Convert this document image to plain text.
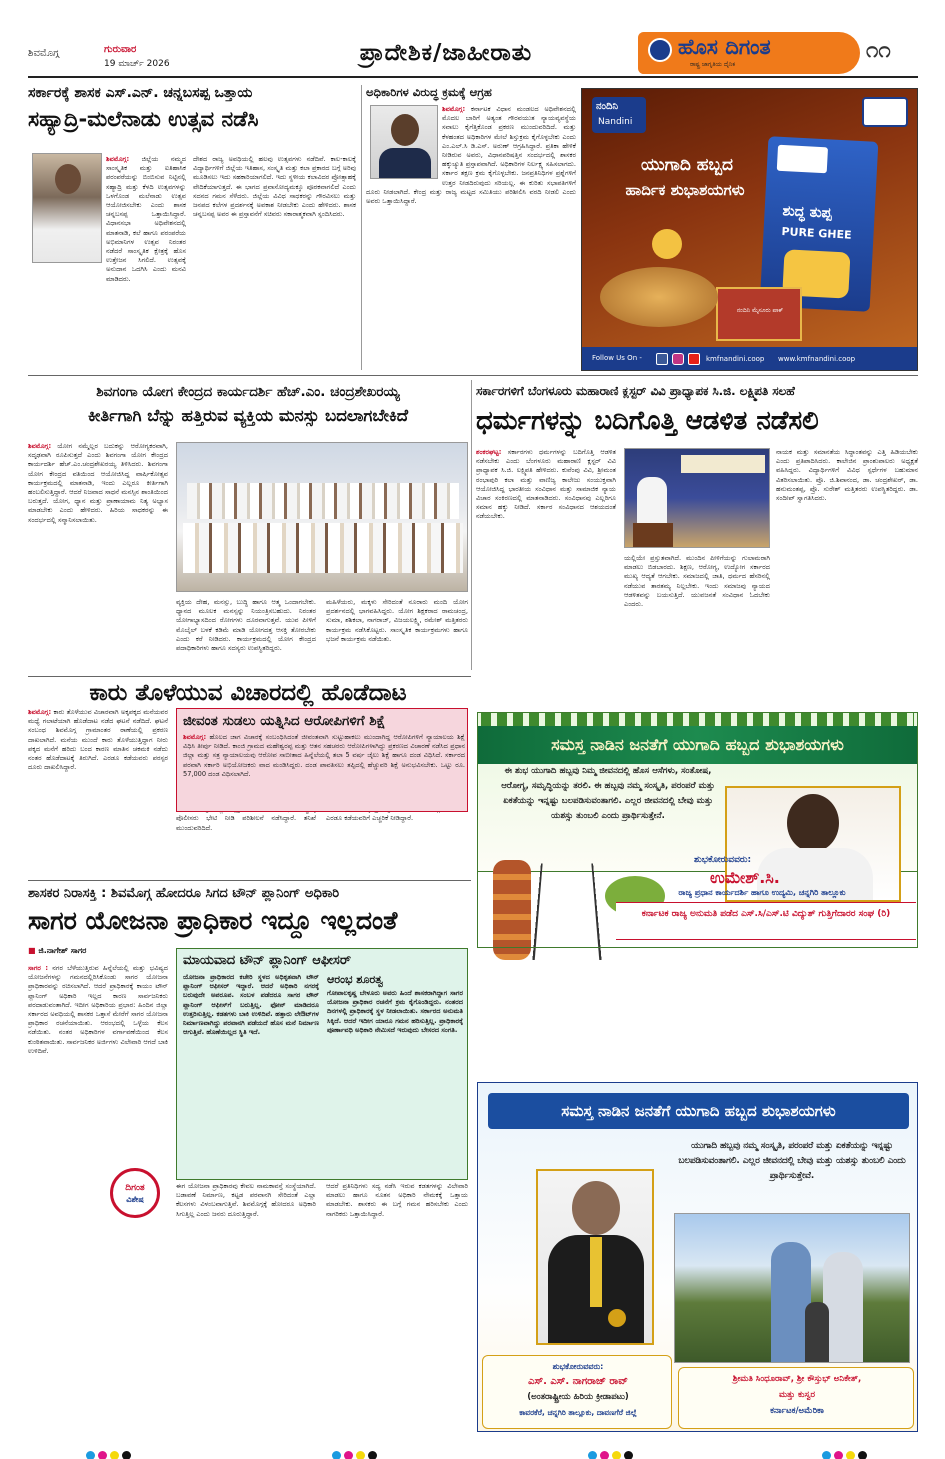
ಶಿವಮೊಗ್ಗ	ಗುರುವಾರ
19 ಮಾರ್ಚ್ 2026	ಪ್ರಾದೇಶಿಕ/ಜಾಹೀರಾತು	ಹೊಸ ದಿಗಂತ
ರಾಷ್ಟ್ರ ಜಾಗೃತಿಯ ದೈನಿಕ
೧೧
ಸರ್ಕಾರಕ್ಕೆ ಶಾಸಕ ಎಸ್.ಎನ್. ಚನ್ನಬಸಪ್ಪ ಒತ್ತಾಯ
ಸಹ್ಯಾದ್ರಿ-ಮಲೆನಾಡು ಉತ್ಸವ ನಡೆಸಿ
ಶಿವಮೊಗ್ಗ: ಜಿಲ್ಲೆಯ ನಮ್ಮದ ಸಾಂಸ್ಕೃತಿಕ ಮತ್ತು ಐತಿಹಾಸಿಕ ಪರಂಪರೆಯನ್ನು ಬಿಂಬಿಸುವ ನಿಟ್ಟಿನಲ್ಲಿ ಸಹ್ಯಾದ್ರಿ ಮತ್ತು ಕೆಳದಿ ಉತ್ಸವಗಳನ್ನು ಒಳಗೊಂಡ ಮಲೆನಾಡು ಉತ್ಸವ ಆಯೋಜಿಸಬೇಕು ಎಂದು ಶಾಸಕ ಚನ್ನಬಸಪ್ಪ ಒತ್ತಾಯಿಸಿದ್ದಾರೆ. ವಿಧಾನಸಭಾ ಅಧಿವೇಶನದಲ್ಲಿ ಮಾತನಾಡಿ, ಕಲೆ ಹಾಗೂ ಪರಂಪರೆಯ ಅಭಿಮಾನಿಗಳ ಉತ್ಸವ ನಿರಂತರ ನಡೆದರೆ ಸಾಂಸ್ಕೃತಿಕ ಕ್ಷೇತ್ರಕ್ಕೆ ಹೊಸ ಉತ್ತೇಜನ ಸಿಗಲಿದೆ. ಉತ್ಸವಕ್ಕೆ ಅನುದಾನ ಒದಗಿಸಿ ಎಂದು ಮನವಿ ಮಾಡಿದರು.
ದೇಶದ ರಾಜ್ಯ ಅವಧಿಯಲ್ಲಿ ಹಲವು ಉತ್ಸವಗಳು ನಡೆದಿವೆ. ಕಾಲ-ಕಾಲಕ್ಕೆ ವಿದ್ಯಾರ್ಥಿಗಳಿಗೆ ಜಿಲ್ಲೆಯ ಇತಿಹಾಸ, ಸಂಸ್ಕೃತಿ ಮತ್ತು ಕಲಾ ಪ್ರಕಾರದ ಬಗ್ಗೆ ಅರಿವು ಮೂಡಿಸಲು ಇದು ಸಹಕಾರಿಯಾಗಲಿದೆ. ಇದು ಸ್ಥಳೀಯ ಕಲಾವಿದರ ಪ್ರೋತ್ಸಾಹಕ್ಕೆ ವೇದಿಕೆಯಾಗುತ್ತದೆ. ಈ ಭಾಗದ ಪ್ರವಾಸೋದ್ಯಮಕ್ಕೂ ಪೂರಕವಾಗಲಿದೆ ಎಂದು ಸದನದ ಗಮನ ಸೆಳೆದರು. ಜಿಲ್ಲೆಯ ವಿವಿಧ ಸಾಧಕರನ್ನು ಗೌರವಿಸಲು ಮತ್ತು ಜನಪದ ಕಲೆಗಳ ಪ್ರದರ್ಶನಕ್ಕೆ ಅವಕಾಶ ನೀಡಬೇಕು ಎಂದು ಹೇಳಿದರು. ಶಾಸಕ ಚನ್ನಬಸಪ್ಪ ಅವರ ಈ ಪ್ರಸ್ತಾವನೆಗೆ ಸಚಿವರು ಸಕಾರಾತ್ಮಕವಾಗಿ ಸ್ಪಂದಿಸಿದರು.
ಅಧಿಕಾರಿಗಳ ವಿರುದ್ಧ ಕ್ರಮಕ್ಕೆ ಆಗ್ರಹ
ಶಿವಮೊಗ್ಗ: ಕರ್ನಾಟಕ ವಿಧಾನ ಮಂಡಲದ ಅಧಿವೇಶನದಲ್ಲಿ ಮೊದಲ ಬಾರಿಗೆ ಅತ್ಯಂತ ಗೌರವಯುತ ನ್ಯಾಯವ್ಯವಸ್ಥೆಯ ಸವಾಲು ಕೈಗೆತ್ತಿಕೊಂಡ ಪ್ರಕರಣ ಮುಂದುವರಿದಿದೆ. ಮತ್ತು ಕೆಳಹಂತದ ಅಧಿಕಾರಿಗಳ ಮೇಲೆ ಶಿಸ್ತುಕ್ರಮ ಕೈಗೊಳ್ಳಬೇಕು ಎಂದು ಎಂ.ಎಲ್.ಸಿ ಡಿ.ಎಸ್. ಅರುಣ್ ಆಗ್ರಹಿಸಿದ್ದಾರೆ. ಪ್ರತಿಕಾ ಹೇಳಿಕೆ ನೀಡಿರುವ ಅವರು, ವಿಧಾನಪರಿಷತ್ತಿನ ಸಂದರ್ಭದಲ್ಲಿ ಶಾಸಕರ ಹಕ್ಕುಚ್ಯುತಿ ಪ್ರಸ್ತಾಪವಾಗಿದೆ. ಅಧಿಕಾರಿಗಳ ನಿರ್ಲಕ್ಷ್ಯ ಸಹಿಸಲಾಗದು. ಸರ್ಕಾರ ತಕ್ಷಣ ಕ್ರಮ ಕೈಗೊಳ್ಳಬೇಕು. ಜನಪ್ರತಿನಿಧಿಗಳ ಪ್ರಶ್ನೆಗಳಿಗೆ ಉತ್ತರ ನೀಡದಿರುವುದು ಸರಿಯಲ್ಲ. ಈ ಕುರಿತು ಸಭಾಪತಿಗಳಿಗೆ ದೂರು ನೀಡಲಾಗಿದೆ. ಕೇಂದ್ರ ಮತ್ತು ರಾಜ್ಯ ಮಟ್ಟದ ಸಮಿತಿಯು ಪರಿಶೀಲಿಸಿ ವರದಿ ನೀಡಲಿ ಎಂದು ಅವರು ಒತ್ತಾಯಿಸಿದ್ದಾರೆ.
ನಂದಿನಿ
Nandini
ಯುಗಾದಿ ಹಬ್ಬದ
ಹಾರ್ದಿಕ ಶುಭಾಶಯಗಳು
ಶುದ್ಧ ತುಪ್ಪ
PURE GHEE
ನಂದಿನಿ ಮೈಸೂರು ಪಾಕ್
Follow Us On -	kmfnandini.coop www.kmfnandini.coop
ಶಿವಗಂಗಾ ಯೋಗ ಕೇಂದ್ರದ ಕಾರ್ಯದರ್ಶಿ ಹೆಚ್.ಎಂ. ಚಂದ್ರಶೇಖರಯ್ಯ
ಕೀರ್ತಿಗಾಗಿ ಬೆನ್ನು ಹತ್ತಿರುವ ವ್ಯಕ್ತಿಯ ಮನಸ್ಸು ಬದಲಾಗಬೇಕಿದೆ
ಶಿವಮೊಗ್ಗ: ಯೋಗ ನಮ್ಮೆಲ್ಲರ ಬದುಕನ್ನು ಆರೋಗ್ಯಕರವಾಗಿ, ಸದೃಢವಾಗಿ ರೂಪಿಸುತ್ತದೆ ಎಂದು ಶಿವಗಂಗಾ ಯೋಗ ಕೇಂದ್ರದ ಕಾರ್ಯದರ್ಶಿ ಹೆಚ್.ಎಂ.ಚಂದ್ರಶೇಖರಯ್ಯ ತಿಳಿಸಿದರು. ಶಿವಗಂಗಾ ಯೋಗ ಕೇಂದ್ರದ ವತಿಯಿಂದ ಆಯೋಜಿಸಿದ್ದ ವಾರ್ಷಿಕೋತ್ಸವ ಕಾರ್ಯಕ್ರಮದಲ್ಲಿ ಮಾತನಾಡಿ, ಇಂದು ಎಲ್ಲರೂ ಕೀರ್ತಿಗಾಗಿ ಹಂಬಲಿಸುತ್ತಿದ್ದಾರೆ. ಆದರೆ ನಿಜವಾದ ಸಾಧನೆ ಮನಸ್ಸಿನ ಶಾಂತಿಯಿಂದ ಬರುತ್ತದೆ. ಯೋಗ, ಧ್ಯಾನ ಮತ್ತು ಪ್ರಾಣಾಯಾಮ ನಿತ್ಯ ಅಭ್ಯಾಸ ಮಾಡಬೇಕು ಎಂದು ಹೇಳಿದರು. ಹಿರಿಯ ಸಾಧಕರನ್ನು ಈ ಸಂದರ್ಭದಲ್ಲಿ ಸನ್ಮಾನಿಸಲಾಯಿತು.
ವ್ಯಕ್ತಿಯ ದೇಹ, ಮನಸ್ಸು, ಬುದ್ಧಿ ಹಾಗೂ ಆತ್ಮ ಒಂದಾಗಬೇಕು. ಧ್ಯಾನದ ಮೂಲಕ ಮನಸ್ಸನ್ನು ನಿಯಂತ್ರಿಸಬಹುದು. ನಿರಂತರ ಯೋಗಾಭ್ಯಾಸದಿಂದ ರೋಗಗಳು ದೂರವಾಗುತ್ತವೆ. ಯುವ ಪೀಳಿಗೆ ಮೊಬೈಲ್ ಬಳಕೆ ಕಡಿಮೆ ಮಾಡಿ ಯೋಗದತ್ತ ಆಸಕ್ತಿ ತೋರಬೇಕು ಎಂದು ಕರೆ ನೀಡಿದರು. ಕಾರ್ಯಕ್ರಮದಲ್ಲಿ ಯೋಗ ಕೇಂದ್ರದ ಪದಾಧಿಕಾರಿಗಳು ಹಾಗೂ ಸದಸ್ಯರು ಉಪಸ್ಥಿತರಿದ್ದರು.
ಮಹಿಳೆಯರು, ಮಕ್ಕಳು ಸೇರಿದಂತೆ ನೂರಾರು ಮಂದಿ ಯೋಗ ಪ್ರದರ್ಶನದಲ್ಲಿ ಭಾಗವಹಿಸಿದ್ದರು. ಯೋಗ ಶಿಕ್ಷಕರಾದ ರಾಮಚಂದ್ರ, ಸುಮಾ, ಶಶಿಕಲಾ, ನಾಗರಾಜ್, ವಿಜಯಲಕ್ಷ್ಮಿ, ರಮೇಶ್ ಮತ್ತಿತರರು ಕಾರ್ಯಕ್ರಮ ನಡೆಸಿಕೊಟ್ಟರು. ಸಾಂಸ್ಕೃತಿಕ ಕಾರ್ಯಕ್ರಮಗಳು ಹಾಗೂ ಭಜನೆ ಕಾರ್ಯಕ್ರಮ ನಡೆಯಿತು.
ಸರ್ಕಾರಗಳಿಗೆ ಬೆಂಗಳೂರು ಮಹಾರಾಣಿ ಕ್ಲಸ್ಟರ್ ವಿವಿ ಪ್ರಾಧ್ಯಾಪಕ ಸಿ.ಜಿ. ಲಕ್ಷ್ಮಿಪತಿ ಸಲಹೆ
ಧರ್ಮಗಳನ್ನು ಬದಿಗೊತ್ತಿ ಆಡಳಿತ ನಡೆಸಲಿ
ಶಂಕರಘಟ್ಟ: ಸರ್ಕಾರಗಳು ಧರ್ಮಗಳನ್ನು ಬದಿಗೊತ್ತಿ ಆಡಳಿತ ನಡೆಸಬೇಕು ಎಂದು ಬೆಂಗಳೂರು ಮಹಾರಾಣಿ ಕ್ಲಸ್ಟರ್ ವಿವಿ ಪ್ರಾಧ್ಯಾಪಕ ಸಿ.ಜಿ. ಲಕ್ಷ್ಮಿಪತಿ ಹೇಳಿದರು. ಕುವೆಂಪು ವಿವಿ, ಶ್ರೀಮಂತ ರಂಭಾಪುರಿ ಕಲಾ ಮತ್ತು ವಾಣಿಜ್ಯ ಕಾಲೇಜು ಸಂಯುಕ್ತವಾಗಿ ಆಯೋಜಿಸಿದ್ದ ಭಾರತೀಯ ಸಂವಿಧಾನ ಮತ್ತು ಸಾಮಾಜಿಕ ನ್ಯಾಯ ವಿಚಾರ ಸಂಕಿರಣದಲ್ಲಿ ಮಾತನಾಡಿದರು. ಸಂವಿಧಾನವು ಎಲ್ಲರಿಗೂ ಸಮಾನ ಹಕ್ಕು ನೀಡಿದೆ. ಸರ್ಕಾರ ಸಂವಿಧಾನದ ಆಶಯದಂತೆ ನಡೆಯಬೇಕು.
ಯಲ್ಲಿಯೇ ಪ್ರಸ್ತುತವಾಗಿದೆ. ಮುಂದಿನ ಪೀಳಿಗೆಯನ್ನು ಗುಲಾಮರಾಗಿ ಮಾಡಲು ಬಿಡಬಾರದು. ಶಿಕ್ಷಣ, ಆರೋಗ್ಯ, ಉದ್ಯೋಗ ಸರ್ಕಾರದ ಮುಖ್ಯ ಆದ್ಯತೆ ಆಗಬೇಕು. ಸಮಾಜದಲ್ಲಿ ಜಾತಿ, ಧರ್ಮದ ಹೆಸರಿನಲ್ಲಿ ನಡೆಯುವ ತಾರತಮ್ಯ ನಿಲ್ಲಬೇಕು. ಇಂದು ಸಮಾಜವು ನ್ಯಾಯದ ಆಡಳಿತವನ್ನು ಬಯಸುತ್ತಿದೆ. ಯುವಜನತೆ ಸಂವಿಧಾನ ಓದಬೇಕು ಎಂದರು.
ನಾಯಕ ಮತ್ತು ಸಮಾನತೆಯ ಸಿದ್ಧಾಂತವನ್ನು ಎತ್ತಿ ಹಿಡಿಯಬೇಕು ಎಂದು ಪ್ರತಿಪಾದಿಸಿದರು. ಕಾಲೇಜಿನ ಪ್ರಾಂಶುಪಾಲರು ಅಧ್ಯಕ್ಷತೆ ವಹಿಸಿದ್ದರು. ವಿದ್ಯಾರ್ಥಿಗಳಿಗೆ ವಿವಿಧ ಸ್ಪರ್ಧೆಗಳ ಬಹುಮಾನ ವಿತರಿಸಲಾಯಿತು. ಪ್ರೊ. ಜಿ.ಶಿವಾನಂದ, ಡಾ. ಚಂದ್ರಶೇಖರ್, ಡಾ. ಹನುಮಂತಪ್ಪ, ಪ್ರೊ. ಸುರೇಶ್ ಮತ್ತಿತರರು ಉಪಸ್ಥಿತರಿದ್ದರು. ಡಾ. ಸಂದೀಪ್ ಸ್ವಾಗತಿಸಿದರು.
ಕಾರು ತೊಳೆಯುವ ವಿಚಾರದಲ್ಲಿ ಹೊಡೆದಾಟ
ಶಿವಮೊಗ್ಗ: ಕಾರು ತೊಳೆಯುವ ವಿಚಾರವಾಗಿ ಅಕ್ಕಪಕ್ಕದ ಮನೆಯವರ ಮಧ್ಯೆ ಗಲಾಟೆಯಾಗಿ ಹೊಡೆದಾಟ ನಡೆದ ಘಟನೆ ನಡೆದಿದೆ. ಘಟನೆ ಸಂಬಂಧ ಶಿವಮೊಗ್ಗ ಗ್ರಾಮಾಂತರ ಠಾಣೆಯಲ್ಲಿ ಪ್ರಕರಣ ದಾಖಲಾಗಿದೆ. ಮನೆಯ ಮುಂದೆ ಕಾರು ತೊಳೆಯುತ್ತಿದ್ದಾಗ ನೀರು ಪಕ್ಕದ ಮನೆಗೆ ಹರಿದು ಬಂದ ಕಾರಣ ಮಾತಿನ ಚಕಮಕಿ ನಡೆದು ನಂತರ ಹೊಡೆದಾಟಕ್ಕೆ ತಿರುಗಿದೆ. ಎರಡೂ ಕಡೆಯವರು ಪರಸ್ಪರ ದೂರು ದಾಖಲಿಸಿದ್ದಾರೆ.
ಪೊಲೀಸರು ಭೇಟಿ ನೀಡಿ ಪರಿಶೀಲನೆ ನಡೆಸಿದ್ದಾರೆ. ತನಿಖೆ ಮುಂದುವರಿದಿದೆ.
ಎರಡೂ ಕಡೆಯವರಿಗೆ ಎಚ್ಚರಿಕೆ ನೀಡಿದ್ದಾರೆ.
ಜೀವಂತ ಸುಡಲು ಯತ್ನಿಸಿದ ಆರೋಪಿಗಳಿಗೆ ಶಿಕ್ಷೆ
ಶಿವಮೊಗ್ಗ: ಹೊಲದ ಜಾಗ ವಿಚಾರಕ್ಕೆ ಸಂಬಂಧಿಸಿದಂತೆ ಜೀವಂತವಾಗಿ ಸುಟ್ಟುಹಾಕಲು ಮುಂದಾಗಿದ್ದ ಆರೋಪಿಗಳಿಗೆ ನ್ಯಾಯಾಲಯ ಶಿಕ್ಷೆ ವಿಧಿಸಿ ತೀರ್ಪು ನೀಡಿದೆ. ಕಾಂಜಿ ಗ್ರಾಮದ ಮಹೇಶ್ವರಪ್ಪ ಮತ್ತು ಆತನ ಸಹಚರರು ಆರೋಪಿಗಳಾಗಿದ್ದು ಪ್ರಕರಣದ ವಿಚಾರಣೆ ನಡೆಸಿದ ಪ್ರಧಾನ ಜಿಲ್ಲಾ ಮತ್ತು ಸತ್ರ ನ್ಯಾಯಾಲಯವು ಆರೋಪ ಸಾಬೀತಾದ ಹಿನ್ನೆಲೆಯಲ್ಲಿ ತಲಾ 5 ವರ್ಷ ಜೈಲು ಶಿಕ್ಷೆ ಹಾಗೂ ದಂಡ ವಿಧಿಸಿದೆ. ಸರ್ಕಾರದ ಪರವಾಗಿ ಸರ್ಕಾರಿ ಅಭಿಯೋಜಕರು ವಾದ ಮಂಡಿಸಿದ್ದರು. ದಂಡ ಪಾವತಿಸಲು ತಪ್ಪಿದಲ್ಲಿ ಹೆಚ್ಚುವರಿ ಶಿಕ್ಷೆ ಅನುಭವಿಸಬೇಕು. ಒಟ್ಟು ರೂ. 57,000 ದಂಡ ವಿಧಿಸಲಾಗಿದೆ.
ಸಮಸ್ತ ನಾಡಿನ ಜನತೆಗೆ ಯುಗಾದಿ ಹಬ್ಬದ ಶುಭಾಶಯಗಳು
ಈ ಶುಭ ಯುಗಾದಿ ಹಬ್ಬವು ನಿಮ್ಮ ಜೀವನದಲ್ಲಿ ಹೊಸ ಆಸೆಗಳು, ಸಂತೋಷ, ಆರೋಗ್ಯ, ಸಮೃದ್ಧಿಯನ್ನು ತರಲಿ. ಈ ಹಬ್ಬವು ನಮ್ಮ ಸಂಸ್ಕೃತಿ, ಪರಂಪರೆ ಮತ್ತು ಏಕತೆಯನ್ನು ಇನ್ನಷ್ಟು ಬಲಪಡಿಸುವಂತಾಗಲಿ. ಎಲ್ಲರ ಜೀವನದಲ್ಲಿ ಬೇವು ಮತ್ತು ಯಶಸ್ಸು ತುಂಬಲಿ ಎಂದು ಪ್ರಾರ್ಥಿಸುತ್ತೇನೆ.
ಶುಭಕೋರುವವರು:
ಉಮೇಶ್.ಸಿ.
ರಾಜ್ಯ ಪ್ರಧಾನ ಕಾರ್ಯದರ್ಶಿ ಹಾಗೂ ಉದ್ಯಮಿ, ಚನ್ನಗಿರಿ ತಾಲ್ಲೂಕು
ಕರ್ನಾಟಕ ರಾಜ್ಯ ಅನುಮತಿ ಪಡೆದ ಎಸ್.ಸಿ/ಎಸ್.ಟಿ ವಿದ್ಯುತ್ ಗುತ್ತಿಗೆದಾರರ ಸಂಘ (ರಿ)
ಶಾಸಕರ ನಿರಾಸಕ್ತಿ : ಶಿವಮೊಗ್ಗ ಹೋದರೂ ಸಿಗದ ಟೌನ್ ಪ್ಲಾನಿಂಗ್ ಅಧಿಕಾರಿ
ಸಾಗರ ಯೋಜನಾ ಪ್ರಾಧಿಕಾರ ಇದ್ದೂ ಇಲ್ಲದಂತೆ
■ ಜಿ.ನಾಗೇಶ್ ಸಾಗರ
ಸಾಗರ : ನಗರ ಬೆಳೆಯುತ್ತಿರುವ ಹಿನ್ನೆಲೆಯಲ್ಲಿ ಮತ್ತು ಭವಿಷ್ಯದ ಯೋಜನೆಗಳನ್ನು ಗಮನದಲ್ಲಿರಿಸಿಕೊಂಡು ಸಾಗರ ಯೋಜನಾ ಪ್ರಾಧಿಕಾರವನ್ನು ರಚಿಸಲಾಗಿದೆ. ಆದರೆ ಪ್ರಾಧಿಕಾರಕ್ಕೆ ಕಾಯಂ ಟೌನ್ ಪ್ಲಾನಿಂಗ್ ಅಧಿಕಾರಿ ಇಲ್ಲದ ಕಾರಣ ಸಾರ್ವಜನಿಕರು ಪರದಾಡುವಂತಾಗಿದೆ. ಇದೀಗ ಅಧಿಕಾರಿಯ ಪ್ರಭಾರ: ಹಿಂದಿನ ಜಿಲ್ಲಾ ಸರ್ಕಾರದ ಅವಧಿಯಲ್ಲಿ ಶಾಸಕರ ಒತ್ತಾಸೆ ಮೇರೆಗೆ ಸಾಗರ ಯೋಜನಾ ಪ್ರಾಧಿಕಾರ ರಚನೆಯಾಯಿತು. ಆರಂಭದಲ್ಲಿ ಒಳ್ಳೆಯ ಕೆಲಸ ನಡೆಯಿತು. ನಂತರ ಅಧಿಕಾರಿಗಳ ವರ್ಗಾವಣೆಯಿಂದ ಕೆಲಸ ಕುಂಠಿತವಾಯಿತು. ಸಾರ್ವಜನಿಕರ ಅರ್ಜಿಗಳು ವಿಲೇವಾರಿ ಆಗದೆ ಬಾಕಿ ಉಳಿದಿವೆ.
ಈಗ ಯೋಜನಾ ಪ್ರಾಧಿಕಾರವು ಕೇವಲ ನಾಮಕಾವಸ್ತೆ ಸಂಸ್ಥೆಯಾಗಿದೆ. ಬಡಾವಣೆ ನಿರ್ಮಾಣ, ಕಟ್ಟಡ ಪರವಾನಗಿ ಸೇರಿದಂತೆ ಎಲ್ಲಾ ಕೆಲಸಗಳು ವಿಳಂಬವಾಗುತ್ತಿವೆ. ಶಿವಮೊಗ್ಗಕ್ಕೆ ಹೋದರೂ ಅಧಿಕಾರಿ ಸಿಗುತ್ತಿಲ್ಲ ಎಂದು ಜನರು ದೂರುತ್ತಿದ್ದಾರೆ.
ಆದರೆ ಪ್ರತಿನಿಧಿಗಳು ಸದ್ಯ ನಡೆಸಿ ಇರುವ ಕಡತಗಳನ್ನು ವಿಲೇವಾರಿ ಮಾಡಲು ಹಾಗೂ ನೂತನ ಅಧಿಕಾರಿ ನೇಮಕಕ್ಕೆ ಒತ್ತಾಯ ಮಾಡಬೇಕು. ಶಾಸಕರು ಈ ಬಗ್ಗೆ ಗಮನ ಹರಿಸಬೇಕು ಎಂದು ನಾಗರಿಕರು ಒತ್ತಾಯಿಸಿದ್ದಾರೆ.
ದಿಗಂತ
ವಿಶೇಷ
ಮಾಯವಾದ ಟೌನ್ ಪ್ಲಾನಿಂಗ್ ಆಫೀಸರ್
ಯೋಜನಾ ಪ್ರಾಧಿಕಾರದ ಕಚೇರಿ ಸ್ಥಳದ ಅಧಿಕೃತವಾಗಿ ಟೌನ್ ಪ್ಲಾನಿಂಗ್ ಆಫೀಸರ್ ಇದ್ದಾರೆ. ಆದರೆ ಅಧಿಕಾರಿ ನಗರಕ್ಕೆ ಬರುವುದೇ ಅಪರೂಪ. ಸಂಬಳ ಪಡೆದರೂ ಸಾಗರ ಟೌನ್ ಪ್ಲಾನಿಂಗ್ ಆಫೀಸ್‌ಗೆ ಬರುತ್ತಿಲ್ಲ. ಫೋನ್ ಮಾಡಿದರೂ ಉತ್ತರಿಸುತ್ತಿಲ್ಲ. ಕಡತಗಳು ಬಾಕಿ ಉಳಿದಿವೆ. ಹತ್ತಾರು ಲೇಔಟ್‌ಗಳ ನಿರ್ಮಾಣವಾಗಿದ್ದು ಪರವಾನಗಿ ಪಡೆಯದೆ ಹೊಸ ಮನೆ ನಿರ್ಮಾಣ ಆಗುತ್ತಿವೆ. ಹೊಣೆಯಿಲ್ಲದ ಸ್ಥಿತಿ ಇದೆ.
ಆರಂಭ ಶೂರತ್ವ
ಗೋಪಾಲಕೃಷ್ಣ ಬೇಳೂರು ಅವರು ಹಿಂದೆ ಶಾಸಕರಾಗಿದ್ದಾಗ ಸಾಗರ ಯೋಜನಾ ಪ್ರಾಧಿಕಾರ ರಚನೆಗೆ ಕ್ರಮ ಕೈಗೊಂಡಿದ್ದರು. ನಂತರದ ದಿನಗಳಲ್ಲಿ ಪ್ರಾಧಿಕಾರಕ್ಕೆ ಸ್ಥಳ ನೀಡಲಾಯಿತು. ಸರ್ಕಾರದ ಅನುಮತಿ ಸಿಕ್ಕಿದೆ. ಆದರೆ ಇದೀಗ ಯಾರೂ ಗಮನ ಹರಿಸುತ್ತಿಲ್ಲ. ಪ್ರಾಧಿಕಾರಕ್ಕೆ ಪೂರ್ಣಾವಧಿ ಅಧಿಕಾರಿ ನೇಮಿಸದೆ ಇರುವುದು ಬೇಸರದ ಸಂಗತಿ.
ಸಮಸ್ತ ನಾಡಿನ ಜನತೆಗೆ ಯುಗಾದಿ ಹಬ್ಬದ ಶುಭಾಶಯಗಳು
ಯುಗಾದಿ ಹಬ್ಬವು ನಮ್ಮ ಸಂಸ್ಕೃತಿ, ಪರಂಪರೆ ಮತ್ತು ಏಕತೆಯನ್ನು ಇನ್ನಷ್ಟು ಬಲಪಡಿಸುವಂತಾಗಲಿ. ಎಲ್ಲರ ಜೀವನದಲ್ಲಿ ಬೇವು ಮತ್ತು ಯಶಸ್ಸು ತುಂಬಲಿ ಎಂದು ಪ್ರಾರ್ಥಿಸುತ್ತೇವೆ.
ಶುಭಕೋರುವವರು:
ಎಸ್. ಎಸ್. ನಾಗರಾಜ್ ರಾವ್
(ಅಂತರಾಷ್ಟ್ರೀಯ ಹಿರಿಯ ಕ್ರೀಡಾಪಟು)
ಕಾವರಕೆರೆ, ಚನ್ನಗಿರಿ ತಾಲ್ಲೂಕು, ದಾವಣಗೆರೆ ಜಿಲ್ಲೆ
ಶ್ರೀಮತಿ ಸಿಂಧೂರಾವ್, ಶ್ರೀ ಕೌಸ್ತುಭ್ ಅನಿಕೇತ್,
ಮತ್ತು ಕುಸ್ವರ
ಕರ್ನಾಟಕ/ಅಮೆರಿಕಾ
